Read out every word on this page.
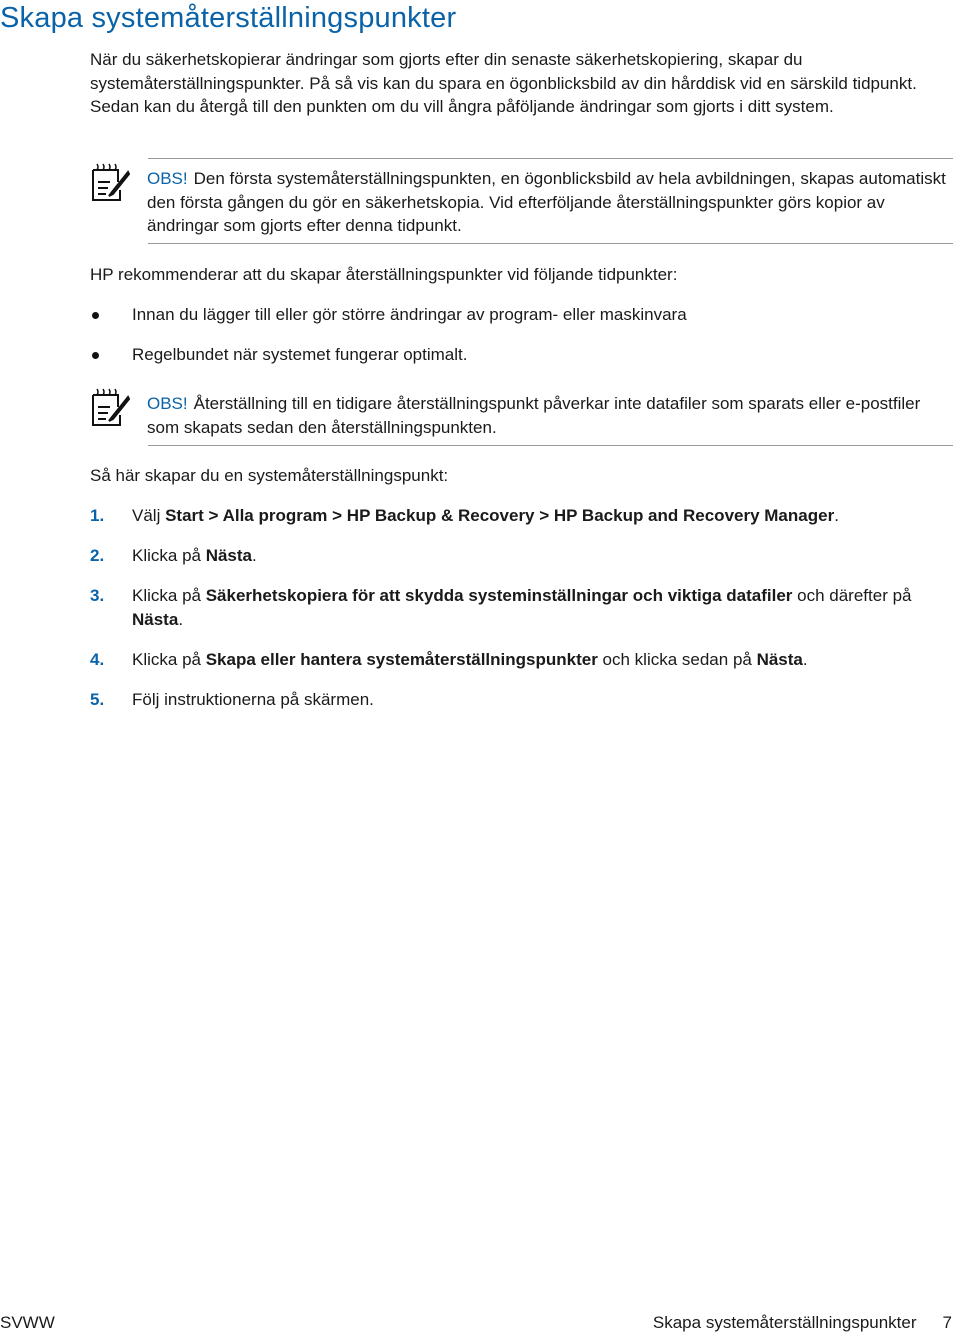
Skapa systemåterställningspunkter

När du säkerhetskopierar ändringar som gjorts efter din senaste säkerhetskopiering, skapar du systemåterställningspunkter. På så vis kan du spara en ögonblicksbild av din hårddisk vid en särskild tidpunkt. Sedan kan du återgå till den punkten om du vill ångra påföljande ändringar som gjorts i ditt system.

OBS! Den första systemåterställningspunkten, en ögonblicksbild av hela avbildningen, skapas automatiskt den första gången du gör en säkerhetskopia. Vid efterföljande återställningspunkter görs kopior av ändringar som gjorts efter denna tidpunkt.

HP rekommenderar att du skapar återställningspunkter vid följande tidpunkter:

Innan du lägger till eller gör större ändringar av program- eller maskinvara

Regelbundet när systemet fungerar optimalt.

OBS! Återställning till en tidigare återställningspunkt påverkar inte datafiler som sparats eller e-postfiler som skapats sedan den återställningspunkten.

Så här skapar du en systemåterställningspunkt:

1. Välj Start > Alla program > HP Backup & Recovery > HP Backup and Recovery Manager.

2. Klicka på Nästa.

3. Klicka på Säkerhetskopiera för att skydda systeminställningar och viktiga datafiler och därefter på Nästa.

4. Klicka på Skapa eller hantera systemåterställningspunkter och klicka sedan på Nästa.

5. Följ instruktionerna på skärmen.

SVWW	Skapa systemåterställningspunkter 7
